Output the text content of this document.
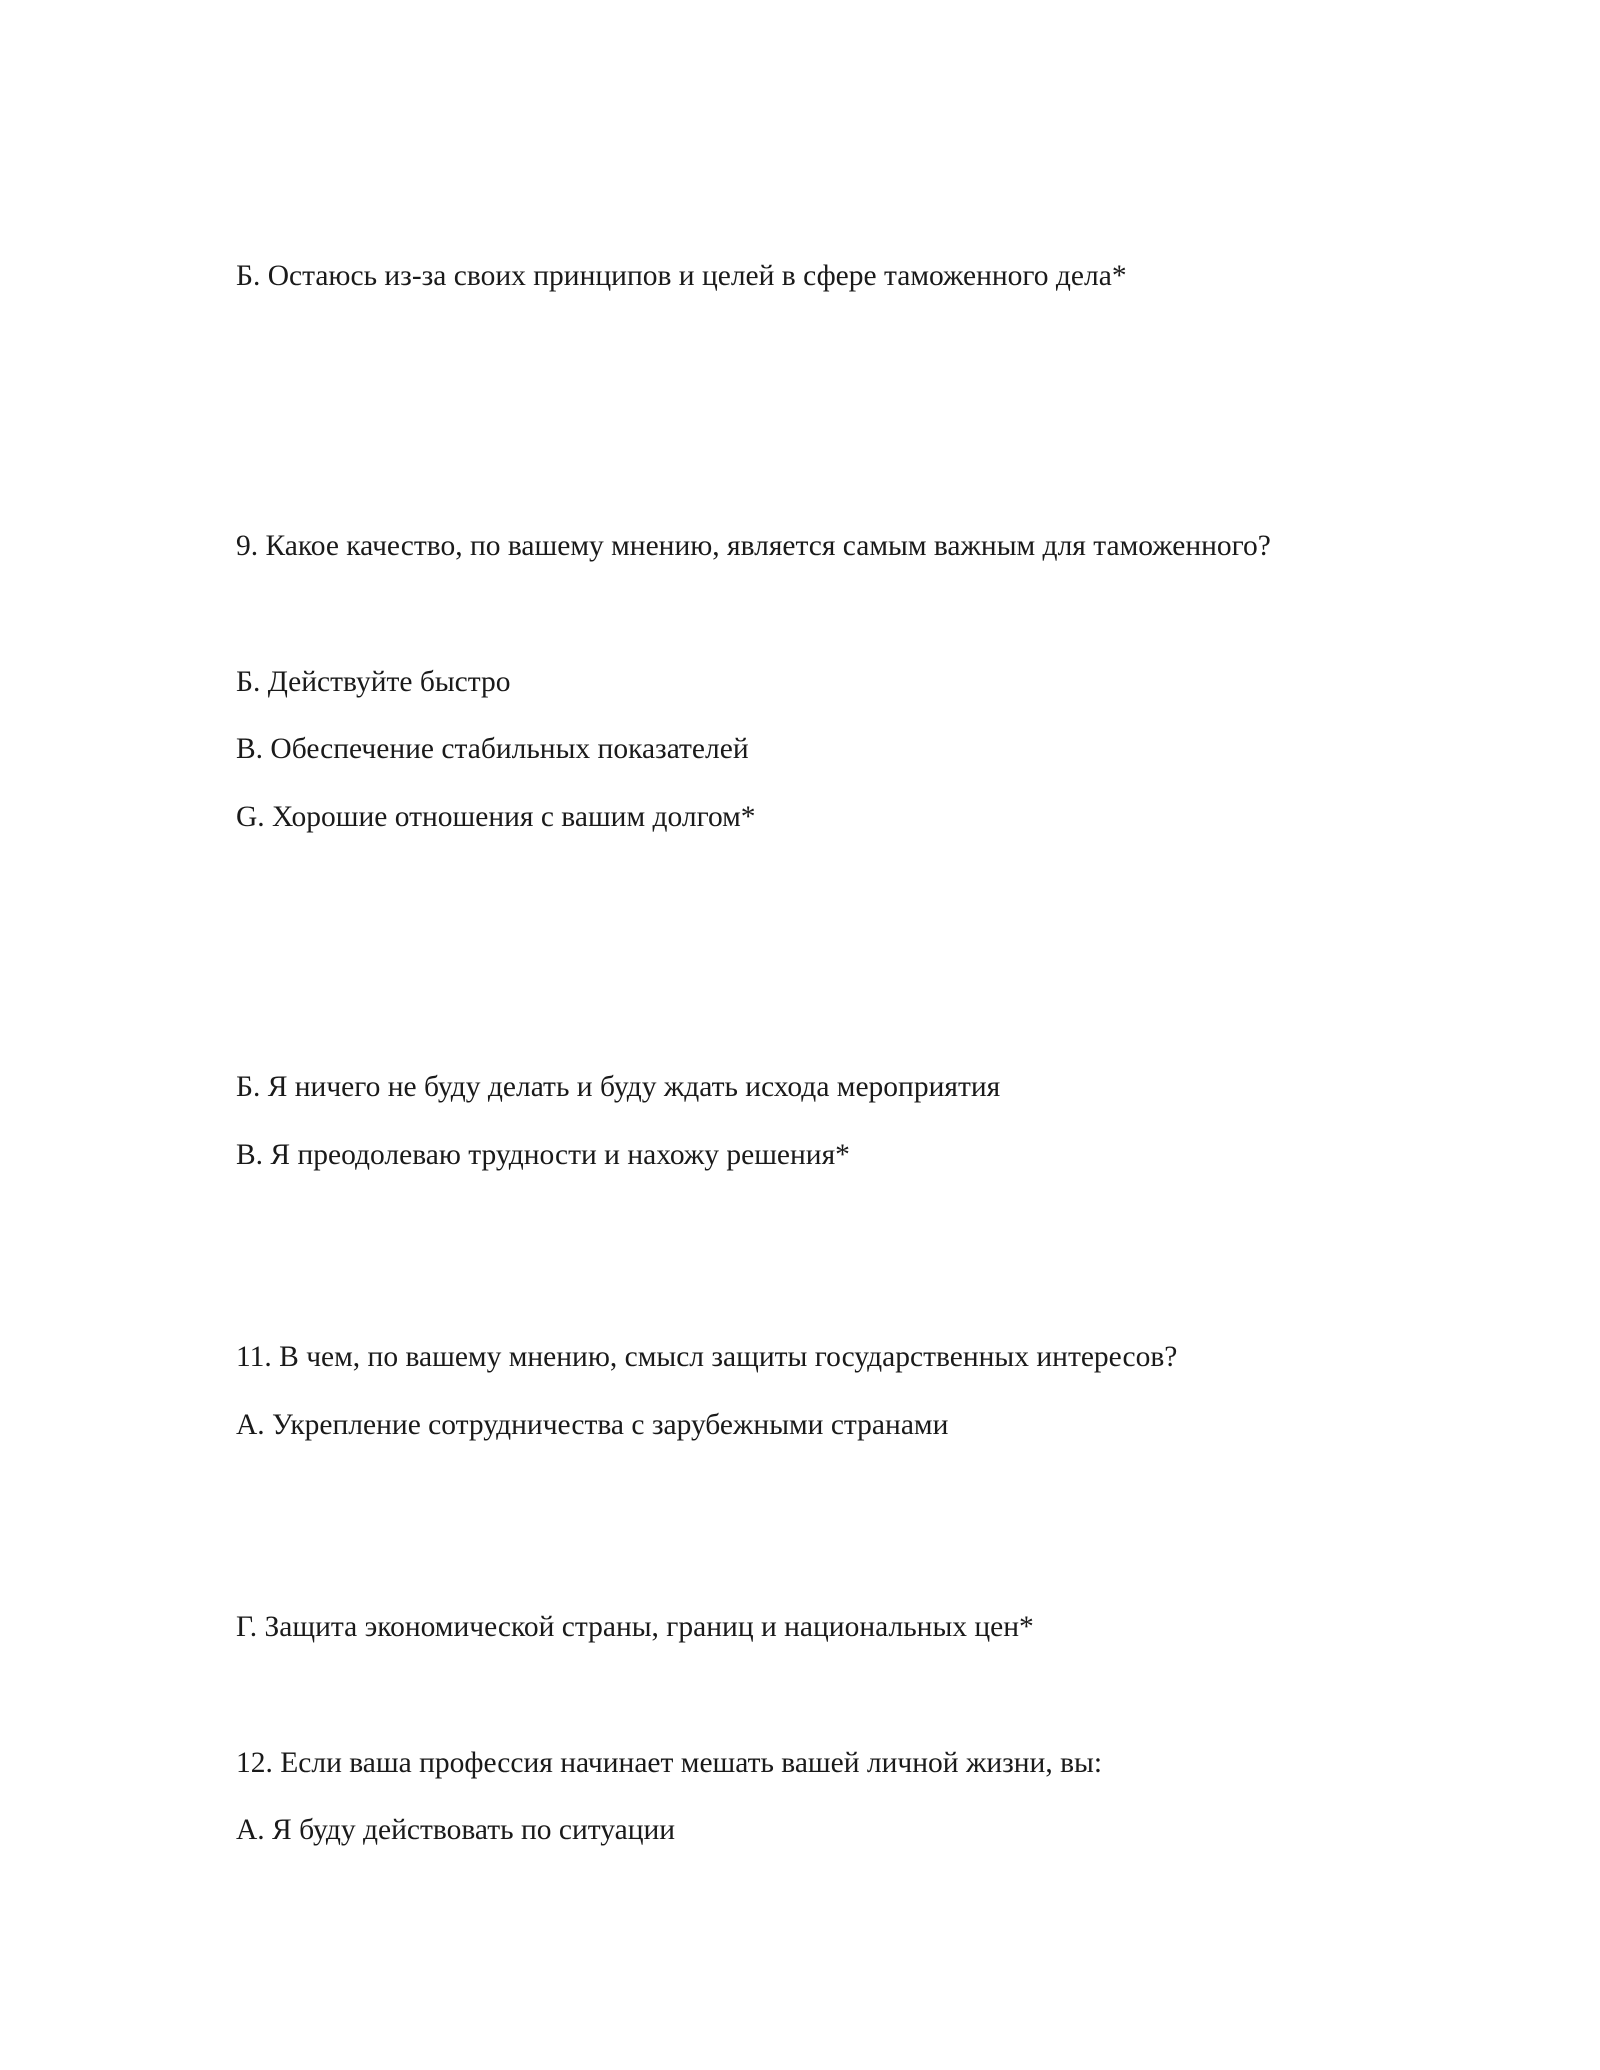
Б. Остаюсь из-за своих принципов и целей в сфере таможенного дела*

9. Какое качество, по вашему мнению, является самым важным для таможенного?

Б. Действуйте быстро

В. Обеспечение стабильных показателей

G. Хорошие отношения с вашим долгом*

Б. Я ничего не буду делать и буду ждать исхода мероприятия

В. Я преодолеваю трудности и нахожу решения*

11. В чем, по вашему мнению, смысл защиты государственных интересов?

А. Укрепление сотрудничества с зарубежными странами

Г. Защита экономической страны, границ и национальных цен*

12. Если ваша профессия начинает мешать вашей личной жизни, вы:

А. Я буду действовать по ситуации
